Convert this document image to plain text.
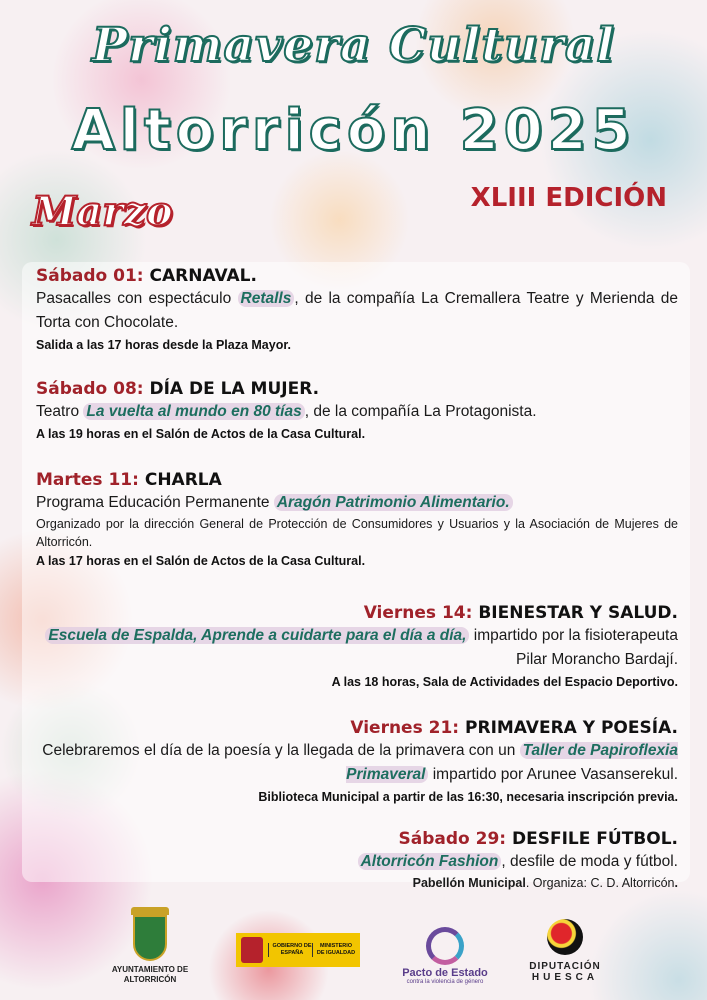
Primavera Cultural
Altorricón 2025
Marzo	XLIII EDICIÓN
Sábado 01: CARNAVAL.
Pasacalles con espectáculo Retalls , de la compañía La Cremallera Teatre y Merienda de Torta con Chocolate.
Salida a las 17 horas desde la Plaza Mayor.
Sábado 08: DÍA DE LA MUJER.
Teatro La vuelta al mundo en 80 tías , de la compañía La Protagonista.
A las 19 horas en el Salón de Actos de la Casa Cultural.
Martes 11: CHARLA
Programa Educación Permanente Aragón Patrimonio Alimentario.
Organizado por la dirección General de Protección de Consumidores y Usuarios y la Asociación de Mujeres de Altorricón.
A las 17 horas en el Salón de Actos de la Casa Cultural.
Viernes 14: BIENESTAR Y SALUD.
Escuela de Espalda, Aprende a cuidarte para el día a día, impartido por la fisioterapeuta Pilar Morancho Bardají.
A las 18 horas, Sala de Actividades del Espacio Deportivo.
Viernes 21: PRIMAVERA Y POESÍA.
Celebraremos el día de la poesía y la llegada de la primavera con un Taller de Papiroflexia Primaveral impartido por Arunee Vasanserekul.
Biblioteca Municipal a partir de las 16:30, necesaria inscripción previa.
Sábado 29: DESFILE FÚTBOL.
Altorricón Fashion , desfile de moda y fútbol.
Pabellón Municipal. Organiza: C. D. Altorricón.
AYUNTAMIENTO DE
ALTORRICÓN
GOBIERNO DE ESPAÑA
MINISTERIO DE IGUALDAD
Pacto de Estado
contra la violencia de género
DIPUTACIÓN
HUESCA
